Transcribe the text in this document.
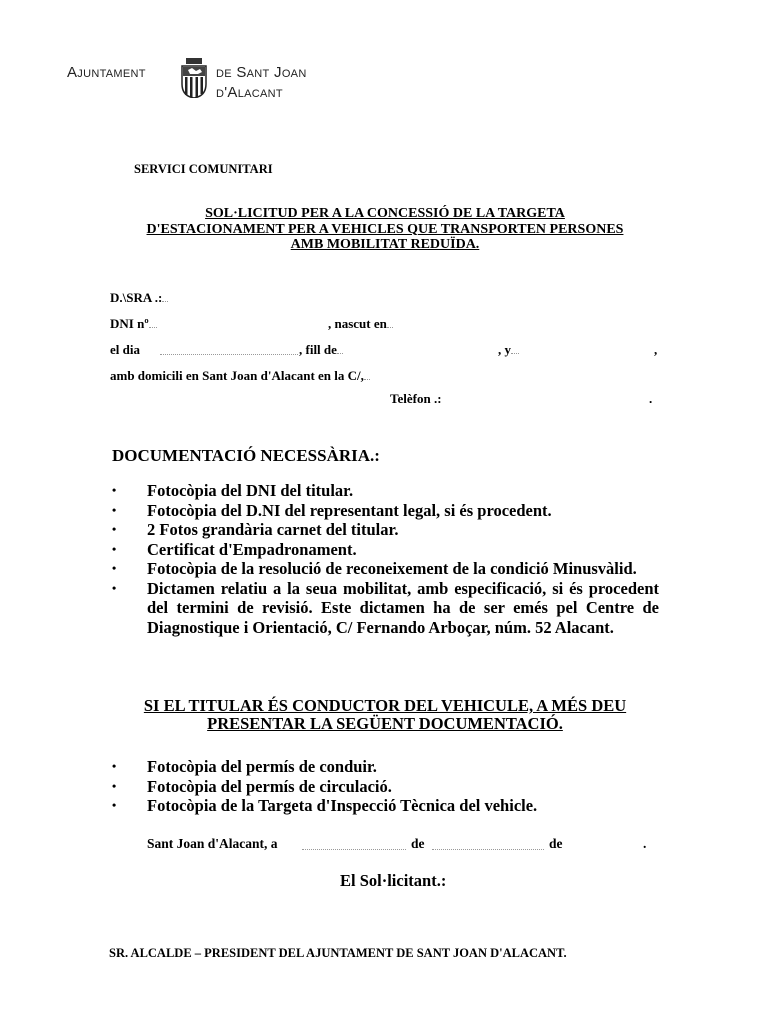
Ajuntament	de Sant Joan
d'Alacant
SERVICI COMUNITARI
SOL·LICITUD PER A LA CONCESSIÓ DE LA TARGETA
D'ESTACIONAMENT PER A VEHICLES QUE TRANSPORTEN PERSONES
AMB MOBILITAT REDUÏDA.
D.\SRA .:
DNI nº	, nascut en
el dia	, fill de	, y	,
amb domicili en Sant Joan d'Alacant en la C/,
Telèfon .:	.
DOCUMENTACIÓ NECESSÀRIA.:
• Fotocòpia del DNI del titular.
• Fotocòpia del D.NI del representant legal, si és procedent.
• 2 Fotos grandària carnet del titular.
• Certificat d'Empadronament.
• Fotocòpia de la resolució de reconeixement de la condició Minusvàlid.
• Dictamen relatiu a la seua mobilitat, amb especificació, si és procedent del termini de revisió. Este dictamen ha de ser emés pel Centre de Diagnostique i Orientació, C/ Fernando Arboçar, núm. 52 Alacant.
SI EL TITULAR ÉS CONDUCTOR DEL VEHICULE, A MÉS DEU
PRESENTAR LA SEGÜENT DOCUMENTACIÓ.
• Fotocòpia del permís de conduir.
• Fotocòpia del permís de circulació.
• Fotocòpia de la Targeta d'Inspecció Tècnica del vehicle.
Sant Joan d'Alacant, a	de	de	.
El Sol·licitant.:
SR. ALCALDE – PRESIDENT DEL AJUNTAMENT DE SANT JOAN D'ALACANT.
